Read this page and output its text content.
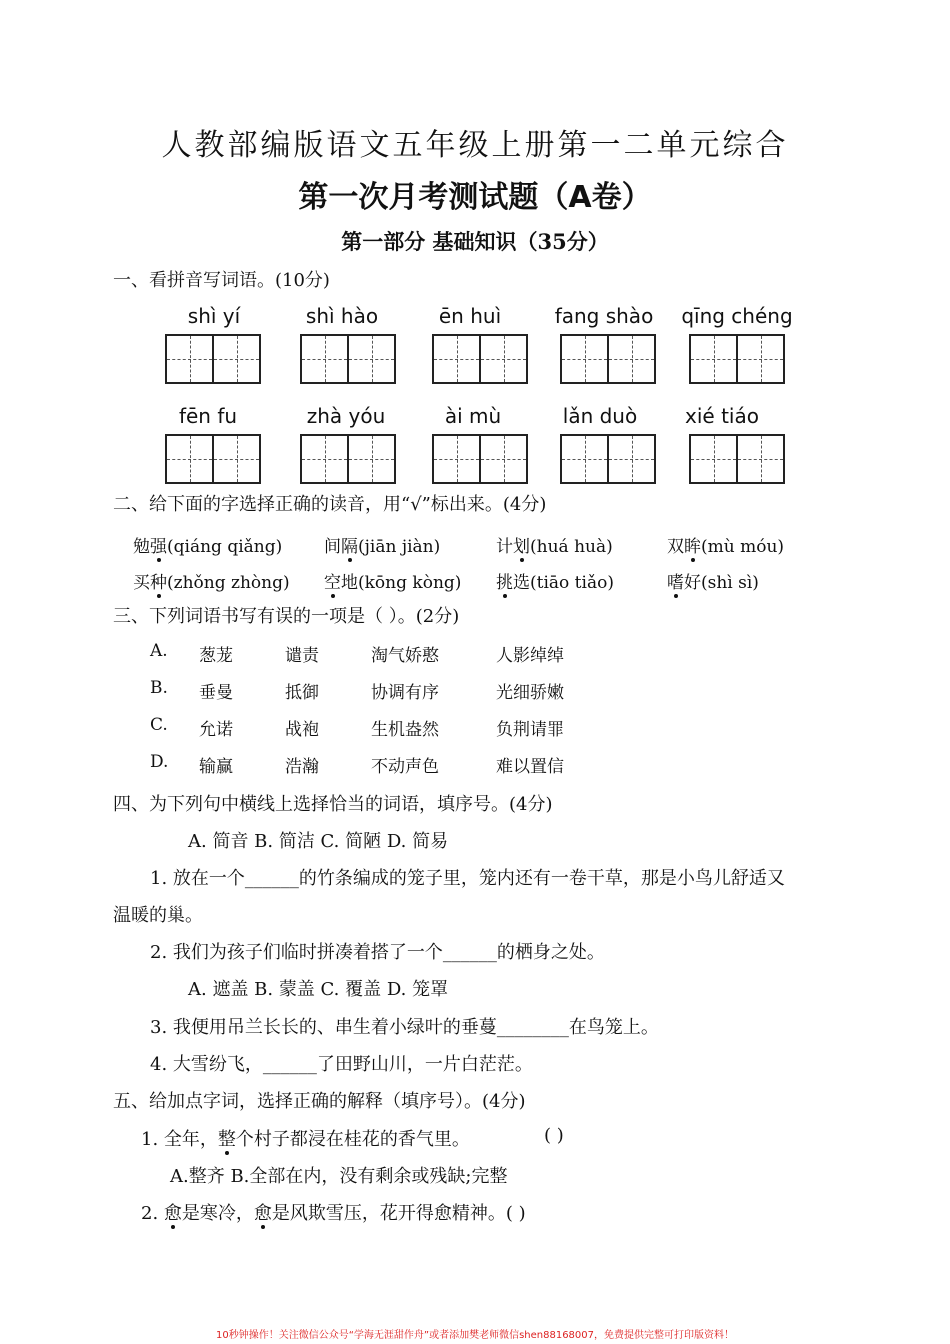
人教部编版语文五年级上册第一二单元综合
第一次月考测试题（A卷）
第一部分 基础知识（35分）
一、看拼音写词语。(10分)
shì yí	shì hào	ēn huì	fang shào	qīng chéng
fēn fu	zhà yóu	ài mù	lǎn duò	xié tiáo
二、给下面的字选择正确的读音，用“√”标出来。(4分)
勉强(qiáng qiǎng) 间隔(jiān jiàn)	计划(huá huà)	双眸(mù móu)
买种(zhǒng zhòng) 空地(kōng kòng) 挑选(tiāo tiǎo)	嗜好(shì sì)
三、下列词语书写有误的一项是（ ）。(2分)
A. 葱茏	谴责	淘气娇憨	人影绰绰
B. 垂曼	抵御	协调有序	光细骄嫩
C. 允诺	战袍	生机盎然	负荆请罪
D. 输赢	浩瀚	不动声色	难以置信
四、为下列句中横线上选择恰当的词语，填序号。(4分)
A. 简音 B. 简洁 C. 简陋 D. 简易
1. 放在一个______的竹条编成的笼子里，笼内还有一卷干草，那是小鸟儿舒适又
温暖的巢。
2. 我们为孩子们临时拼凑着搭了一个______的栖身之处。
A. 遮盖 B. 蒙盖 C. 覆盖 D. 笼罩
3. 我便用吊兰长长的、串生着小绿叶的垂蔓________在鸟笼上。
4. 大雪纷飞，______了田野山川，一片白茫茫。
五、给加点字词，选择正确的解释（填序号）。(4分)
1. 全年，整个村子都浸在桂花的香气里。	( )
A.整齐 B.全部在内，没有剩余或残缺;完整
2. 愈是寒冷，愈是风欺雪压，花开得愈精神。( )
10秒钟操作！关注微信公众号“学海无涯甜作舟”或者添加樊老师微信shen88168007，免费提供完整可打印版资料！
